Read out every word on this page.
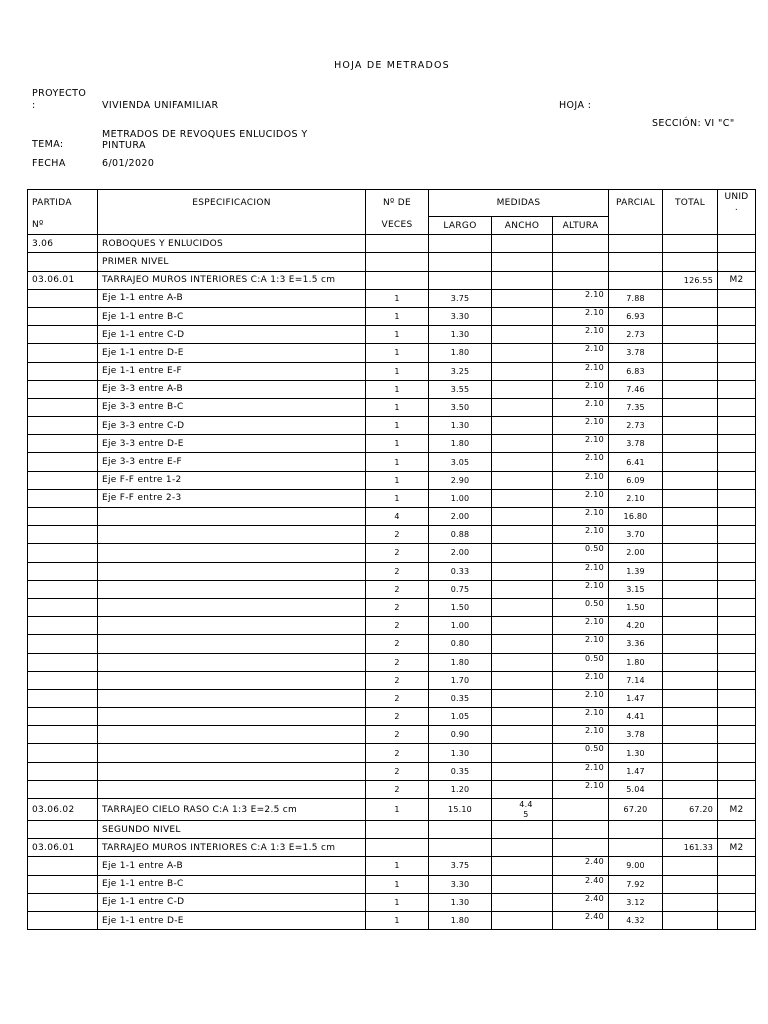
HOJA DE METRADOS
PROYECTO
:	VIVIENDA UNIFAMILIAR	HOJA :
SECCIÓN: VI "C"
METRADOS DE REVOQUES ENLUCIDOS Y
TEMA:	PINTURA
FECHA	6/01/2020
PARTIDA	ESPECIFICACION	Nº DE	MEDIDAS			PARCIAL	TOTAL	UNID
.

Nº		VECES	LARGO	ANCHO	ALTURA			
3.06	ROBOQUES Y ENLUCIDOS							
	PRIMER NIVEL							
03.06.01	TARRAJEO MUROS INTERIORES C:A 1:3 E=1.5 cm						126.55	M2
	Eje 1-1 entre A-B	1	3.75		2.10	7.88		
	Eje 1-1 entre B-C	1	3.30		2.10	6.93		
	Eje 1-1 entre C-D	1	1.30		2.10	2.73		
	Eje 1-1 entre D-E	1	1.80		2.10	3.78		
	Eje 1-1 entre E-F	1	3.25		2.10	6.83		
	Eje 3-3 entre A-B	1	3.55		2.10	7.46		
	Eje 3-3 entre B-C	1	3.50		2.10	7.35		
	Eje 3-3 entre C-D	1	1.30		2.10	2.73		
	Eje 3-3 entre D-E	1	1.80		2.10	3.78		
	Eje 3-3 entre E-F	1	3.05		2.10	6.41		
	Eje F-F entre 1-2	1	2.90		2.10	6.09		
	Eje F-F entre 2-3	1	1.00		2.10	2.10		
		4	2.00		2.10	16.80		
		2	0.88		2.10	3.70		
		2	2.00		0.50	2.00		
		2	0.33		2.10	1.39		
		2	0.75		2.10	3.15		
		2	1.50		0.50	1.50		
		2	1.00		2.10	4.20		
		2	0.80		2.10	3.36		
		2	1.80		0.50	1.80		
		2	1.70		2.10	7.14		
		2	0.35		2.10	1.47		
		2	1.05		2.10	4.41		
		2	0.90		2.10	3.78		
		2	1.30		0.50	1.30		
		2	0.35		2.10	1.47		
		2	1.20		2.10	5.04		
03.06.02	TARRAJEO CIELO RASO C:A 1:3 E=2.5 cm	1	15.10	4.4
5		67.20	67.20	M2
	SEGUNDO NIVEL							
03.06.01	TARRAJEO MUROS INTERIORES C:A 1:3 E=1.5 cm						161.33	M2
	Eje 1-1 entre A-B	1	3.75		2.40	9.00		
	Eje 1-1 entre B-C	1	3.30		2.40	7.92		
	Eje 1-1 entre C-D	1	1.30		2.40	3.12		
	Eje 1-1 entre D-E	1	1.80		2.40	4.32		
